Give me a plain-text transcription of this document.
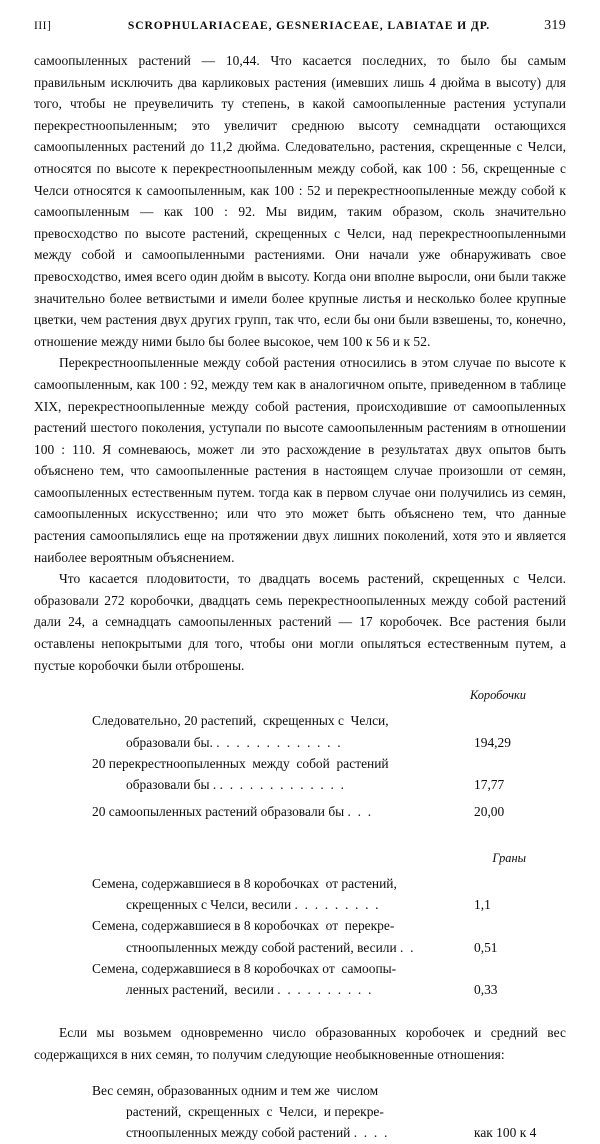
III]	SCROPHULARIACEAE, GESNERIACEAE, LABIATAE И ДР.	319

самоопыленных растений — 10,44. Что касается последних, то было бы самым правильным исключить два карликовых растения (имевших лишь 4 дюйма в высоту) для того, чтобы не преувеличить ту степень, в какой самоопыленные растения уступали перекрестноопыленным; это увеличит среднюю высоту семнадцати остающихся самоопыленных растений до 11,2 дюйма. Следовательно, растения, скрещенные с Челси, относятся по высоте к перекрестноопыленным между собой, как 100 : 56, скрещенные с Челси относятся к самоопыленным, как 100 : 52 и перекрестноопыленные между собой к самоопыленным — как 100 : 92. Мы видим, таким образом, сколь значительно превосходство по высоте растений, скрещенных с Челси, над перекрестноопыленными между собой и самоопыленными растениями. Они начали уже обнаруживать свое превосходство, имея всего один дюйм в высоту. Когда они вполне выросли, они были также значительно более ветвистыми и имели более крупные листья и несколько более крупные цветки, чем растения двух других групп, так что, если бы они были взвешены, то, конечно, отношение между ними было бы более высокое, чем 100 к 56 и к 52.

Перекрестноопыленные между собой растения относились в этом случае по высоте к самоопыленным, как 100 : 92, между тем как в аналогичном опыте, приведенном в таблице XIX, перекрестноопыленные между собой растения, происходившие от самоопыленных растений шестого поколения, уступали по высоте самоопыленным растениям в отношении 100 : 110. Я сомневаюсь, может ли это расхождение в результатах двух опытов быть объяснено тем, что самоопыленные растения в настоящем случае произошли от семян, самоопыленных естественным путем. тогда как в первом случае они получились из семян, самоопыленных искусственно; или что это может быть объяснено тем, что данные растения самоопылялись еще на протяжении двух лишних поколений, хотя это и является наиболее вероятным объяснением.

Что касается плодовитости, то двадцать восемь растений, скрещенных с Челси. образовали 272 коробочки, двадцать семь перекрестноопыленных между собой растений дали 24, а семнадцать самоопыленных растений — 17 коробочек. Все растения были оставлены непокрытыми для того, чтобы они могли опыляться естественным путем, а пустые коробочки были отброшены.

Коробочки
Следовательно, 20 растепий,  скрещенных с  Челси,
образовали бы. .  .  .  .  .  .  .  .  .  .  .  .  .	194,29
20 перекрестноопыленных  между  собой  растений
образовали бы . .  .  .  .  .  .  .  .  .  .  .  .  .	17,77
20 самоопыленных растений образовали бы .  .  .	20,00
Граны
Семена, содержавшиеся в 8 коробочках  от растений,
скрещенных с Челси, весили .  .  .  .  .  .  .  .  .	1,1
Семена, содержавшиеся в 8 коробочках  от  перекре-
стноопыленных между собой растений, весили .  .	0,51
Семена, содержавшиеся в 8 коробочках от  самоопы-
ленных растений,  весили .  .  .  .  .  .  .  .  .  .	0,33

Если мы возьмем одновременно число образованных коробочек и средний вес содержащихся в них семян, то получим следующие необыкновенные отношения:

Вес семян, образованных одним и тем же  числом
растений,  скрещенных  с  Челси,  и перекре-
стноопыленных между собой растений .  .  .  .	как 100 к 4
